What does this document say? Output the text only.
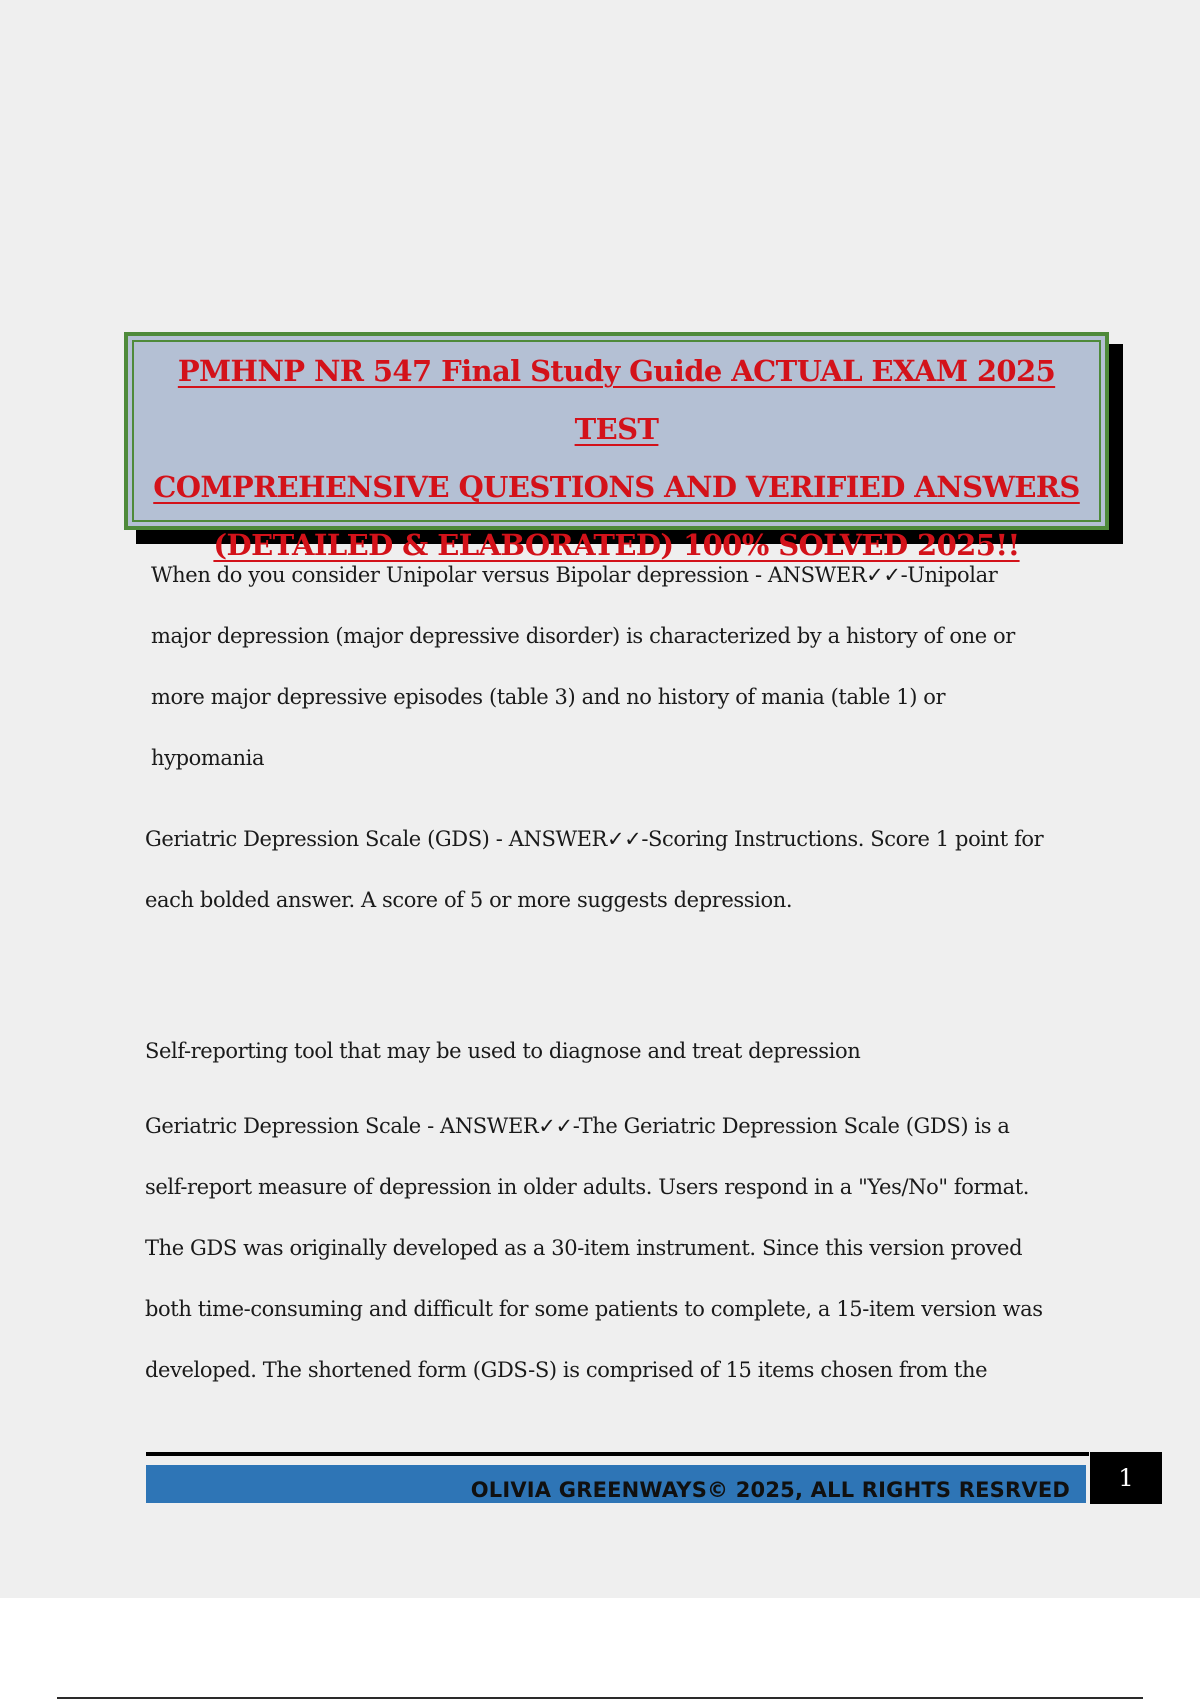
PMHNP NR 547 Final Study Guide ACTUAL EXAM 2025 TEST
COMPREHENSIVE QUESTIONS AND VERIFIED ANSWERS
(DETAILED & ELABORATED) 100% SOLVED 2025!!
When do you consider Unipolar versus Bipolar depression - ANSWER✓✓-Unipolar
major depression (major depressive disorder) is characterized by a history of one or
more major depressive episodes (table 3) and no history of mania (table 1) or
hypomania
Geriatric Depression Scale (GDS) - ANSWER✓✓-Scoring Instructions. Score 1 point for
each bolded answer. A score of 5 or more suggests depression.
Self-reporting tool that may be used to diagnose and treat depression
Geriatric Depression Scale - ANSWER✓✓-The Geriatric Depression Scale (GDS) is a
self-report measure of depression in older adults. Users respond in a "Yes/No" format.
The GDS was originally developed as a 30-item instrument. Since this version proved
both time-consuming and difficult for some patients to complete, a 15-item version was
developed. The shortened form (GDS-S) is comprised of 15 items chosen from the
OLIVIA GREENWAYS© 2025, ALL RIGHTS RESRVED	1
